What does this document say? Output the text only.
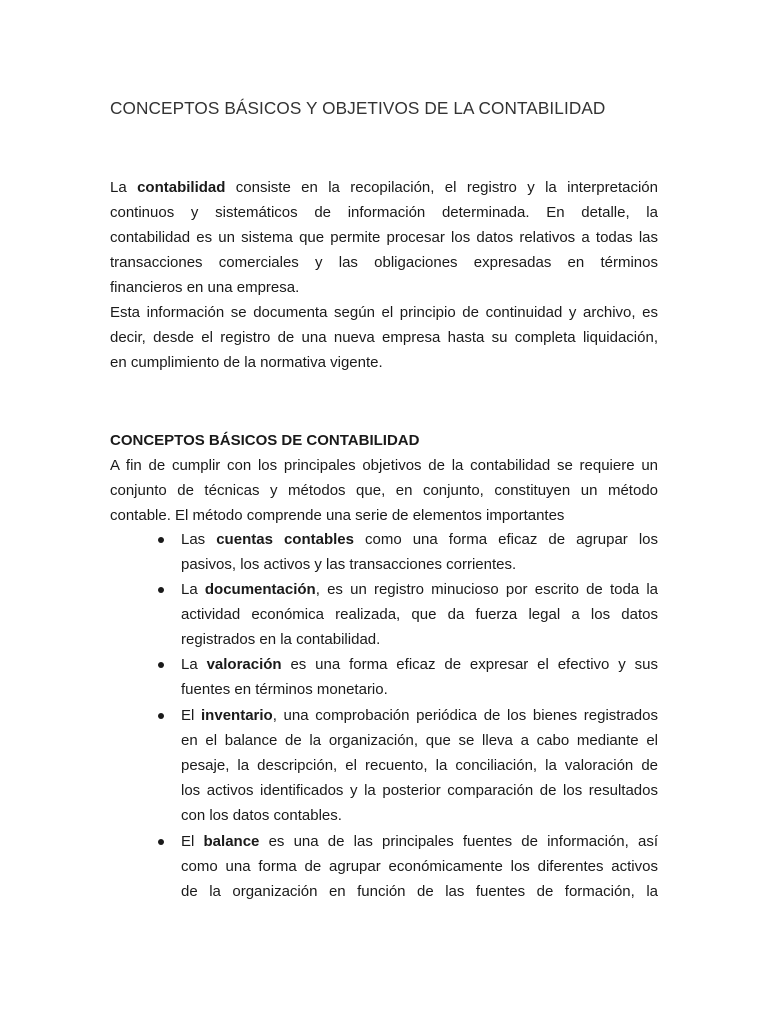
CONCEPTOS BÁSICOS Y OBJETIVOS DE LA CONTABILIDAD
La contabilidad consiste en la recopilación, el registro y la interpretación
continuos y sistemáticos de información determinada. En detalle, la
contabilidad es un sistema que permite procesar los datos relativos a todas las
transacciones comerciales y las obligaciones expresadas en términos
financieros en una empresa.
Esta información se documenta según el principio de continuidad y archivo, es
decir, desde el registro de una nueva empresa hasta su completa liquidación,
en cumplimiento de la normativa vigente.
CONCEPTOS BÁSICOS DE CONTABILIDAD
A fin de cumplir con los principales objetivos de la contabilidad se requiere un
conjunto de técnicas y métodos que, en conjunto, constituyen un método
contable. El método comprende una serie de elementos importantes
Las cuentas contables como una forma eficaz de agrupar los
pasivos, los activos y las transacciones corrientes.
La documentación, es un registro minucioso por escrito de toda la
actividad económica realizada, que da fuerza legal a los datos
registrados en la contabilidad.
La valoración es una forma eficaz de expresar el efectivo y sus
fuentes en términos monetario.
El inventario, una comprobación periódica de los bienes registrados
en el balance de la organización, que se lleva a cabo mediante el
pesaje, la descripción, el recuento, la conciliación, la valoración de
los activos identificados y la posterior comparación de los resultados
con los datos contables.
El balance es una de las principales fuentes de información, así
como una forma de agrupar económicamente los diferentes activos
de la organización en función de las fuentes de formación, la
